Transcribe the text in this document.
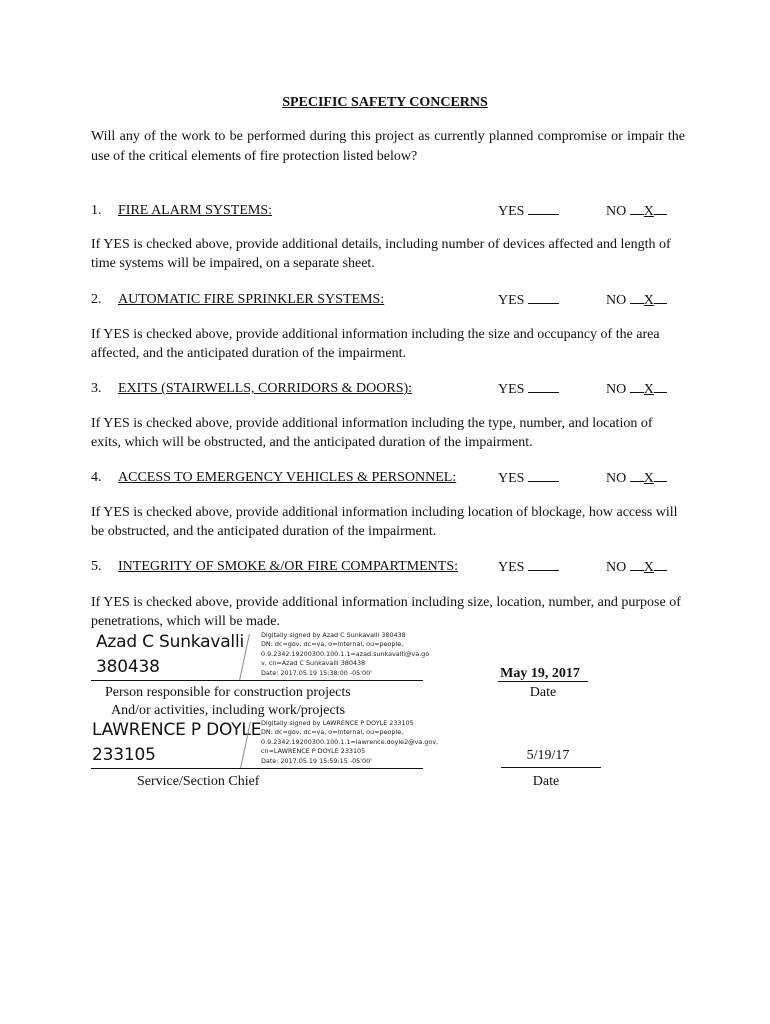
SPECIFIC SAFETY CONCERNS
Will any of the work to be performed during this project as currently planned compromise or impair the use of the critical elements of fire protection listed below?
1. FIRE ALARM SYSTEMS:	YES	NO X
If YES is checked above, provide additional details, including number of devices affected and length of time systems will be impaired, on a separate sheet.
2. AUTOMATIC FIRE SPRINKLER SYSTEMS:	YES	NO X
If YES is checked above, provide additional information including the size and occupancy of the area affected, and the anticipated duration of the impairment.
3. EXITS (STAIRWELLS, CORRIDORS & DOORS):	YES	NO X
If YES is checked above, provide additional information including the type, number, and location of exits, which will be obstructed, and the anticipated duration of the impairment.
4. ACCESS TO EMERGENCY VEHICLES & PERSONNEL:	YES	NO X
If YES is checked above, provide additional information including location of blockage, how access will be obstructed, and the anticipated duration of the impairment.
5. INTEGRITY OF SMOKE &/OR FIRE COMPARTMENTS:	YES	NO X
If YES is checked above, provide additional information including size, location, number, and purpose of penetrations, which will be made.
Azad C Sunkavalli
380438
Digitally signed by Azad C Sunkavalli 380438
DN: dc=gov, dc=va, o=internal, ou=people,
0.9.2342.19200300.100.1.1=azad.sunkavalli@va.go
v, cn=Azad C Sunkavalli 380438
Date: 2017.05.19 15:38:00 -05'00'
Person responsible for construction projects
And/or activities, including work/projects
May 19, 2017
Date
LAWRENCE P DOYLE
233105
Digitally signed by LAWRENCE P DOYLE 233105
DN: dc=gov, dc=va, o=internal, ou=people,
0.9.2342.19200300.100.1.1=lawrence.doyle2@va.gov,
cn=LAWRENCE P DOYLE 233105
Date: 2017.05.19 15:59:15 -05'00'
Service/Section Chief
5/19/17
Date
